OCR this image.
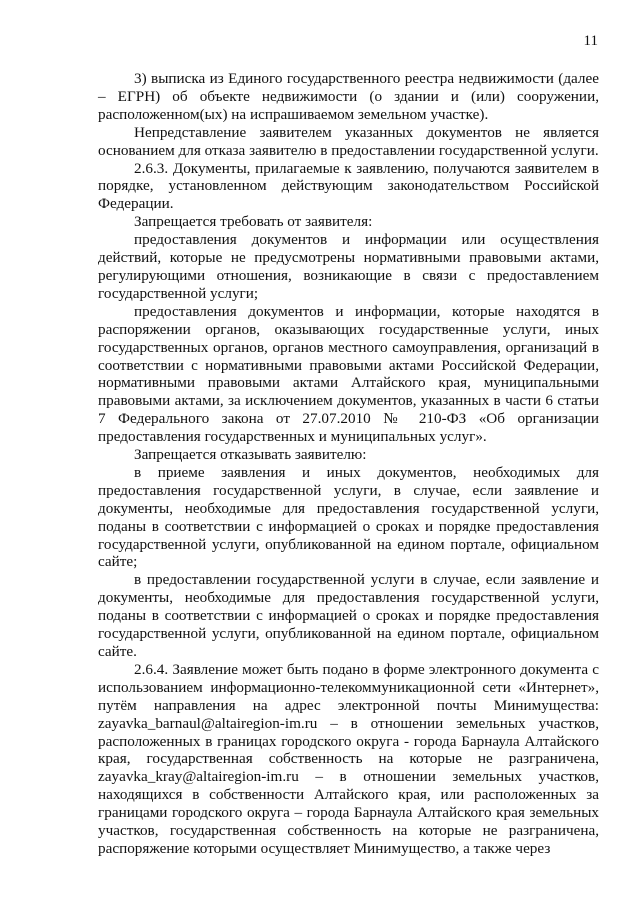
11

3) выписка из Единого государственного реестра недвижимости (далее – ЕГРН) об объекте недвижимости (о здании и (или) сооружении, расположенном(ых) на испрашиваемом земельном участке).

Непредставление заявителем указанных документов не является основанием для отказа заявителю в предоставлении государственной услуги.

2.6.3. Документы, прилагаемые к заявлению, получаются заявителем в порядке, установленном действующим законодательством Российской Федерации.

Запрещается требовать от заявителя:

предоставления документов и информации или осуществления действий, которые не предусмотрены нормативными правовыми актами, регулирующими отношения, возникающие в связи с предоставлением государственной услуги;

предоставления документов и информации, которые находятся в распоряжении органов, оказывающих государственные услуги, иных государственных органов, органов местного самоуправления, организаций в соответствии с нормативными правовыми актами Российской Федерации, нормативными правовыми актами Алтайского края, муниципальными правовыми актами, за исключением документов, указанных в части 6 статьи 7 Федерального закона от 27.07.2010 № 210-ФЗ «Об организации предоставления государственных и муниципальных услуг».

Запрещается отказывать заявителю:

в приеме заявления и иных документов, необходимых для предоставления государственной услуги, в случае, если заявление и документы, необходимые для предоставления государственной услуги, поданы в соответствии с информацией о сроках и порядке предоставления государственной услуги, опубликованной на едином портале, официальном сайте;

в предоставлении государственной услуги в случае, если заявление и документы, необходимые для предоставления государственной услуги, поданы в соответствии с информацией о сроках и порядке предоставления государственной услуги, опубликованной на едином портале, официальном сайте.

2.6.4. Заявление может быть подано в форме электронного документа с использованием информационно-телекоммуникационной сети «Интернет», путём направления на адрес электронной почты Минимущества: zayavka_barnaul@altairegion-im.ru – в отношении земельных участков, расположенных в границах городского округа - города Барнаула Алтайского края, государственная собственность на которые не разграничена, zayavka_kray@altairegion-im.ru – в отношении земельных участков, находящихся в собственности Алтайского края, или расположенных за границами городского округа – города Барнаула Алтайского края земельных участков, государственная собственность на которые не разграничена, распоряжение которыми осуществляет Минимущество, а также через
